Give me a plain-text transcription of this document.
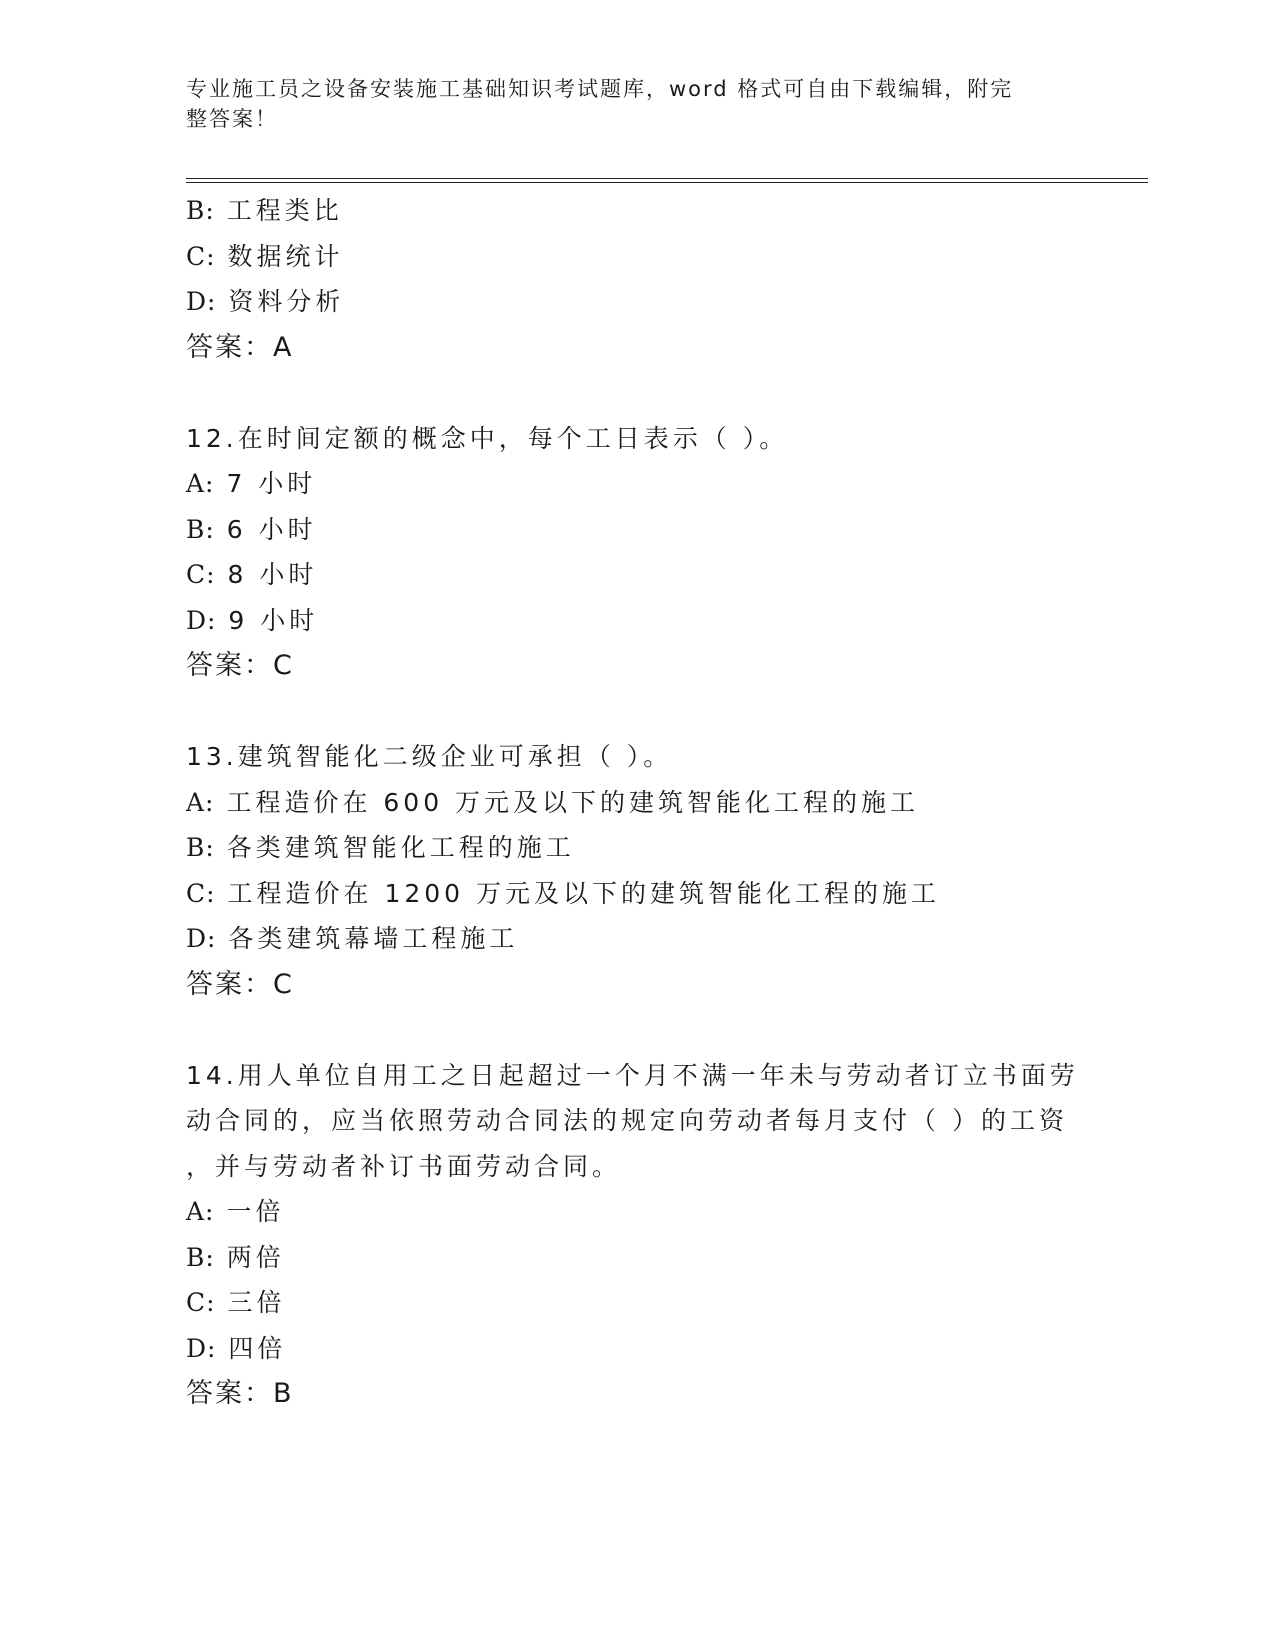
专业施工员之设备安装施工基础知识考试题库，word 格式可自由下载编辑，附完
整答案！
B: 工程类比
C: 数据统计
D: 资料分析
答案：A
12.在时间定额的概念中，每个工日表示（ ）。
A: 7 小时
B: 6 小时
C: 8 小时
D: 9 小时
答案：C
13.建筑智能化二级企业可承担（ ）。
A: 工程造价在 600 万元及以下的建筑智能化工程的施工
B: 各类建筑智能化工程的施工
C: 工程造价在 1200 万元及以下的建筑智能化工程的施工
D: 各类建筑幕墙工程施工
答案：C
14.用人单位自用工之日起超过一个月不满一年未与劳动者订立书面劳
动合同的，应当依照劳动合同法的规定向劳动者每月支付（ ）的工资
，并与劳动者补订书面劳动合同。
A: 一倍
B: 两倍
C: 三倍
D: 四倍
答案：B
